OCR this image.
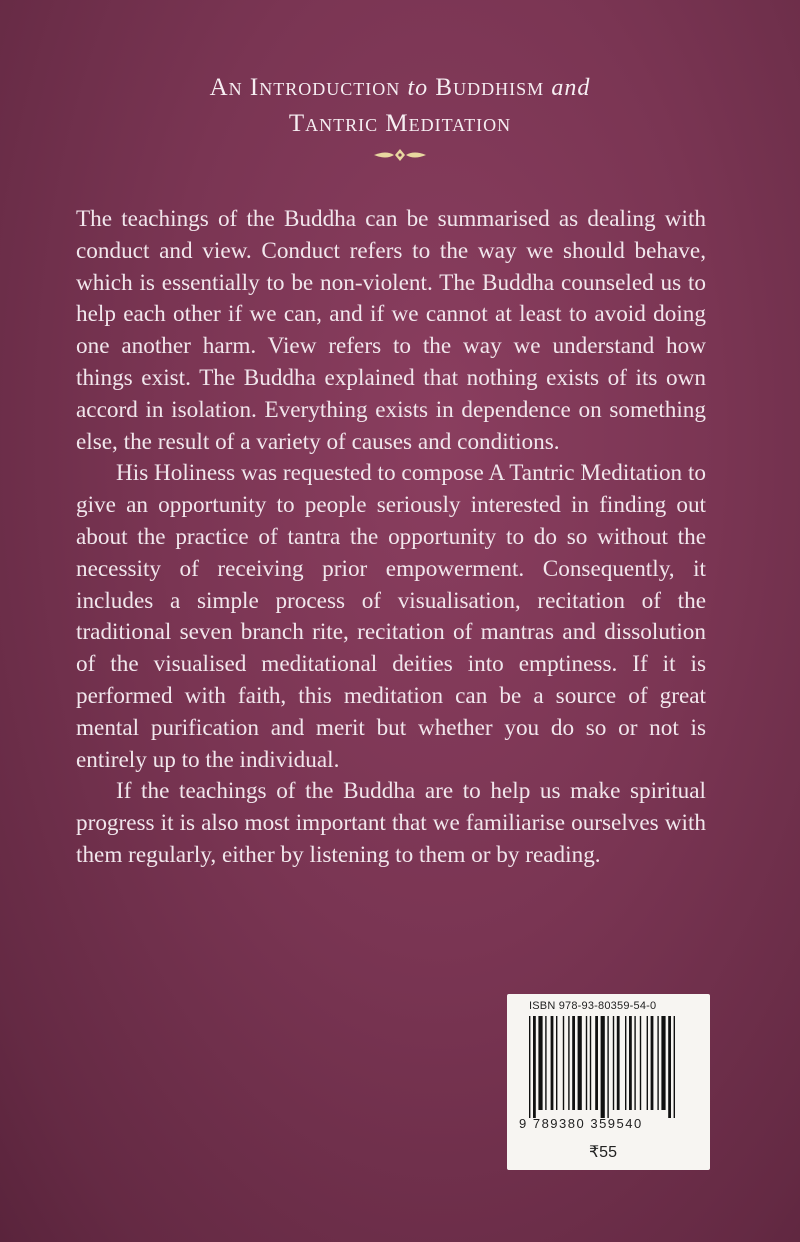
An Introduction to Buddhism and
Tantric Meditation

The teachings of the Buddha can be summarised as dealing with conduct and view. Conduct refers to the way we should behave, which is essentially to be non-violent. The Buddha counseled us to help each other if we can, and if we cannot at least to avoid doing one another harm. View refers to the way we understand how things exist. The Buddha explained that nothing exists of its own accord in isolation. Everything exists in dependence on something else, the result of a variety of causes and conditions.

His Holiness was requested to compose A Tantric Meditation to give an opportunity to people seriously interested in finding out about the practice of tantra the opportunity to do so without the necessity of receiving prior empowerment. Consequently, it includes a simple process of visualisation, recitation of the traditional seven branch rite, recitation of mantras and dissolution of the visualised meditational deities into emptiness. If it is performed with faith, this meditation can be a source of great mental purification and merit but whether you do so or not is entirely up to the individual.

If the teachings of the Buddha are to help us make spiritual progress it is also most important that we familiarise ourselves with them regularly, either by listening to them or by reading.

ISBN 978-93-80359-54-0
9 789380 359540
₹55
